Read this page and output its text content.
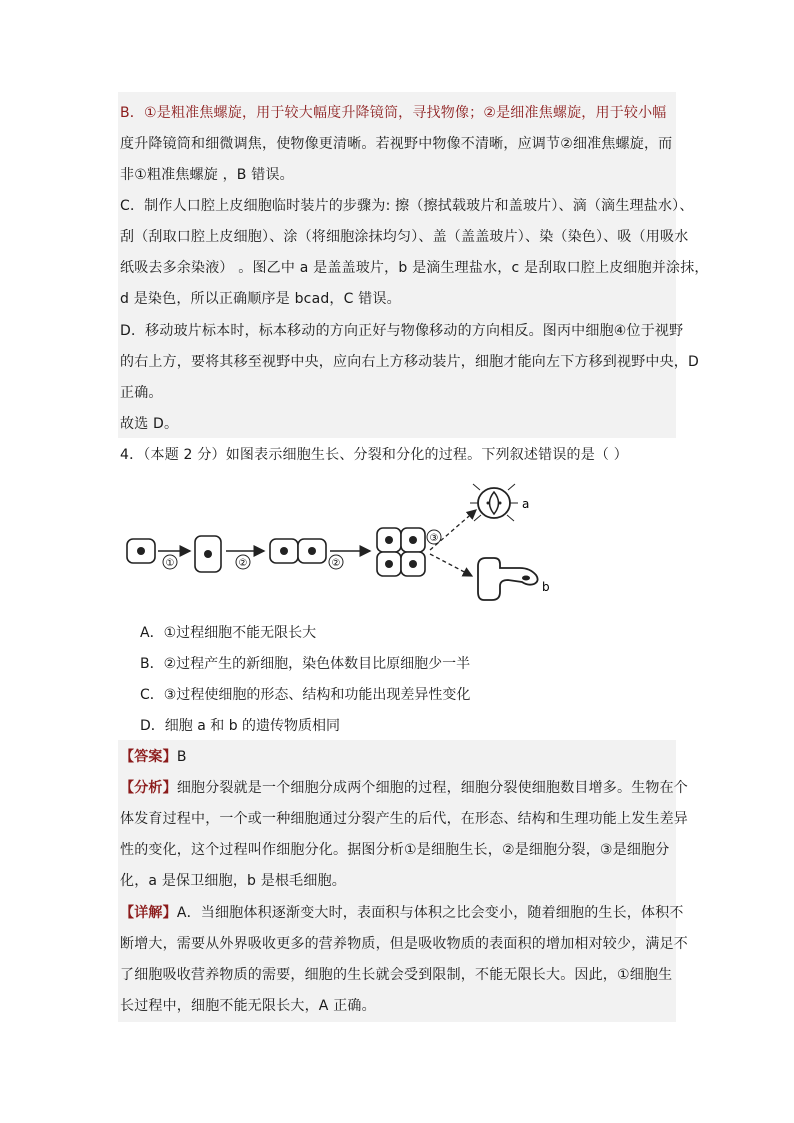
B．①是粗准焦螺旋，用于较大幅度升降镜筒，寻找物像；②是细准焦螺旋，用于较小幅
度升降镜筒和细微调焦，使物像更清晰。若视野中物像不清晰，应调节②细准焦螺旋，而
非①粗准焦螺旋 ，B 错误。
C．制作人口腔上皮细胞临时装片的步骤为: 擦（擦拭载玻片和盖玻片）、滴（滴生理盐水）、
刮（刮取口腔上皮细胞）、涂（将细胞涂抹均匀）、盖（盖盖玻片）、染（染色）、吸（用吸水
纸吸去多余染液） 。图乙中 a 是盖盖玻片，b 是滴生理盐水，c 是刮取口腔上皮细胞并涂抹，
d 是染色，所以正确顺序是 bcad，C 错误。
D．移动玻片标本时，标本移动的方向正好与物像移动的方向相反。图丙中细胞④位于视野
的右上方，要将其移至视野中央，应向右上方移动装片，细胞才能向左下方移到视野中央，D
正确。
故选 D。
4．（本题 2 分）如图表示细胞生长、分裂和分化的过程。下列叙述错误的是（ ）
①	②	②
③
a
b
A．①过程细胞不能无限长大
B．②过程产生的新细胞，染色体数目比原细胞少一半
C．③过程使细胞的形态、结构和功能出现差异性变化
D．细胞 a 和 b 的遗传物质相同
【答案】B
【分析】细胞分裂就是一个细胞分成两个细胞的过程，细胞分裂使细胞数目增多。生物在个
体发育过程中，一个或一种细胞通过分裂产生的后代，在形态、结构和生理功能上发生差异
性的变化，这个过程叫作细胞分化。据图分析①是细胞生长，②是细胞分裂，③是细胞分
化，a 是保卫细胞，b 是根毛细胞。
【详解】A．当细胞体积逐渐变大时，表面积与体积之比会变小，随着细胞的生长，体积不
断增大，需要从外界吸收更多的营养物质，但是吸收物质的表面积的增加相对较少，满足不
了细胞吸收营养物质的需要，细胞的生长就会受到限制，不能无限长大。因此，①细胞生
长过程中，细胞不能无限长大，A 正确。
